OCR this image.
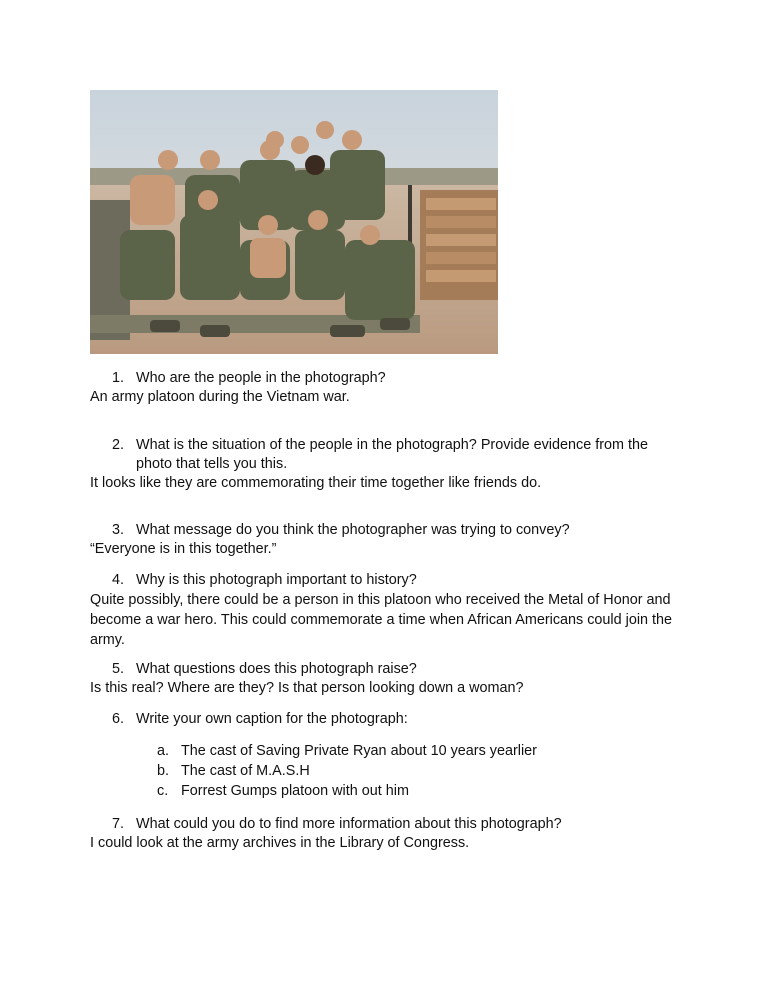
1. Who are the people in the photograph?
An army platoon during the Vietnam war.
2. What is the situation of the people in the photograph? Provide evidence from the photo that tells you this.
It looks like they are commemorating their time together like friends do.
3. What message do you think the photographer was trying to convey?
“Everyone is in this together.”
4. Why is this photograph important to history?
Quite possibly, there could be a person in this platoon who received the Metal of Honor and become a war hero. This could commemorate a time when African Americans could join the army.
5. What questions does this photograph raise?
Is this real? Where are they? Is that person looking down a woman?
6. Write your own caption for the photograph:
a. The cast of Saving Private Ryan about 10 years yearlier
b. The cast of M.A.S.H
c. Forrest Gumps platoon with out him
7. What could you do to find more information about this photograph?
I could look at the army archives in the Library of Congress.
